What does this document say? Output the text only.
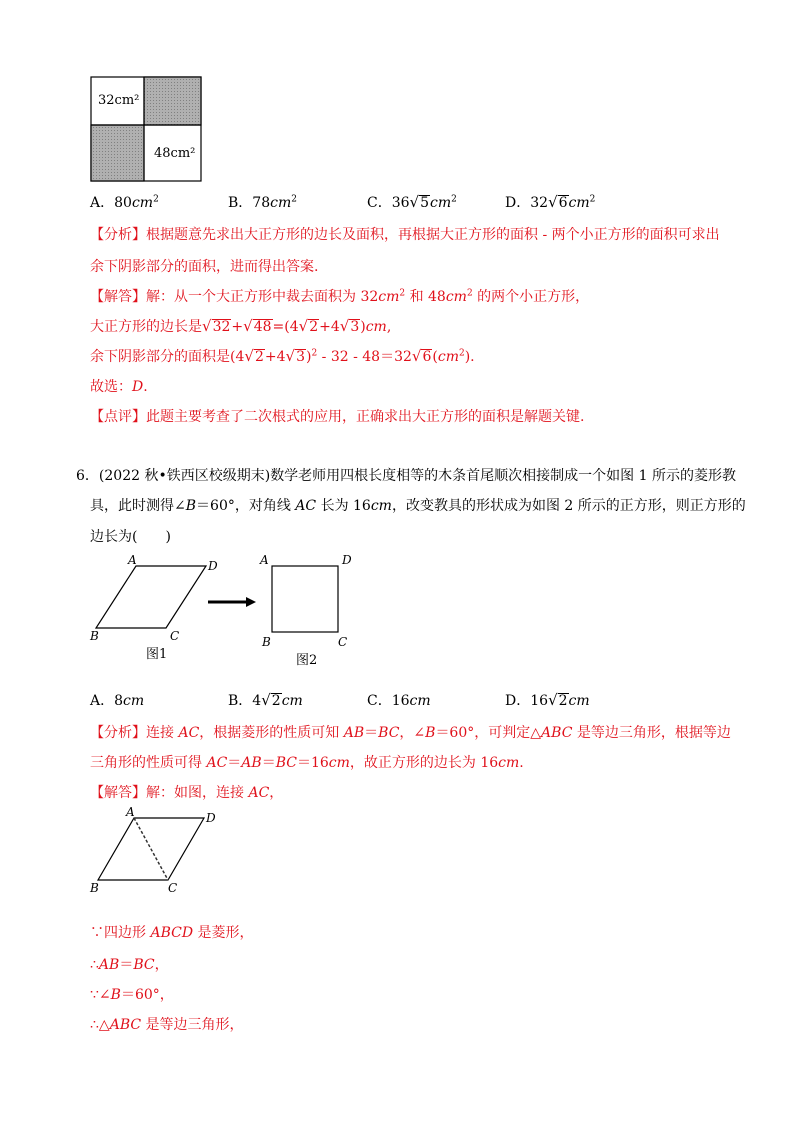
32cm²
48cm²
A．$80cm^2$	B．$78cm^2$	C．$36√5cm^2$	D．$32√6cm^2$
【分析】根据题意先求出大正方形的边长及面积，再根据大正方形的面积 - 两个小正方形的面积可求出
余下阴影部分的面积，进而得出答案.
【解答】解：从一个大正方形中裁去面积为 $32cm^2$ 和 $48cm^2$ 的两个小正方形，
大正方形的边长是√32+√48=(4√2+4√3)cm,
余下阴影部分的面积是$(4√2+4√3)^2 - 32 - 48=32√6(cm^2)$.
故选：D.
【点评】此题主要考查了二次根式的应用，正确求出大正方形的面积是解题关键.
6．(2022 秋•铁西区校级期末)数学老师用四根长度相等的木条首尾顺次相接制成一个如图 1 所示的菱形教
具，此时测得∠B＝60°，对角线 AC 长为 16cm，改变教具的形状成为如图 2 所示的正方形，则正方形的
边长为(　　)
A	D
B	C
A	D
B	C
图1	图2
A．8cm	B．4√2cm	C．16cm	D．16√2cm
【分析】连接 AC，根据菱形的性质可知 AB＝BC，∠B＝60°，可判定△ABC 是等边三角形，根据等边
三角形的性质可得 AC＝AB＝BC＝16cm，故正方形的边长为 16cm.
【解答】解：如图，连接 AC，
A	D
B	C
∵四边形 ABCD 是菱形，
∴AB＝BC，
∵∠B＝60°，
∴△ABC 是等边三角形，
